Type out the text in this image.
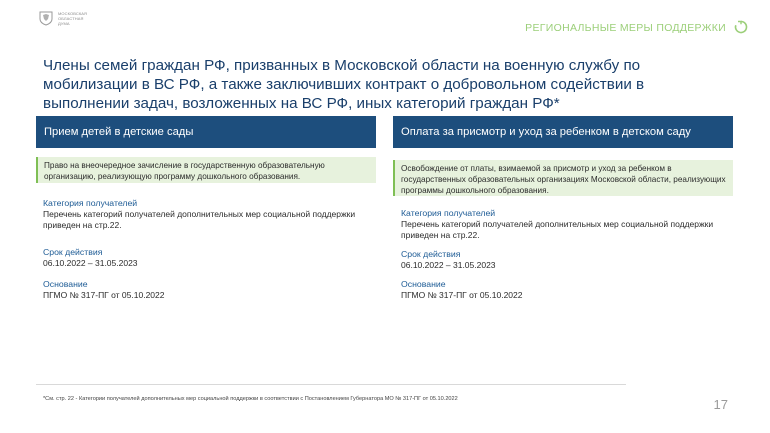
МОСКОВСКАЯ
ОБЛАСТНАЯ
ДУМА	РЕГИОНАЛЬНЫЕ МЕРЫ ПОДДЕРЖКИ
Члены семей граждан РФ, призванных в Московской области на военную службу по мобилизации в ВС РФ, а также заключивших контракт о добровольном содействии в выполнении задач, возложенных на ВС РФ, иных категорий граждан РФ*
Прием детей в детские сады
Право на внеочередное зачисление в государственную образовательную организацию, реализующую программу дошкольного образования.
Категория получателей
Перечень категорий получателей дополнительных мер социальной поддержки приведен на стр.22.
Срок действия
06.10.2022 – 31.05.2023
Основание
ПГМО № 317-ПГ от 05.10.2022
Оплата за присмотр и уход за ребенком в детском саду
Освобождение от платы, взимаемой за присмотр и уход за ребенком в государственных образовательных организациях Московской области, реализующих программы дошкольного образования.
Категория получателей
Перечень категорий получателей дополнительных мер социальной поддержки приведен на стр.22.
Срок действия
06.10.2022 – 31.05.2023
Основание
ПГМО № 317-ПГ от 05.10.2022
*См. стр. 22 - Категории получателей дополнительных мер социальной поддержки в соответствии с Постановлением Губернатора МО № 317-ПГ от 05.10.2022	17
